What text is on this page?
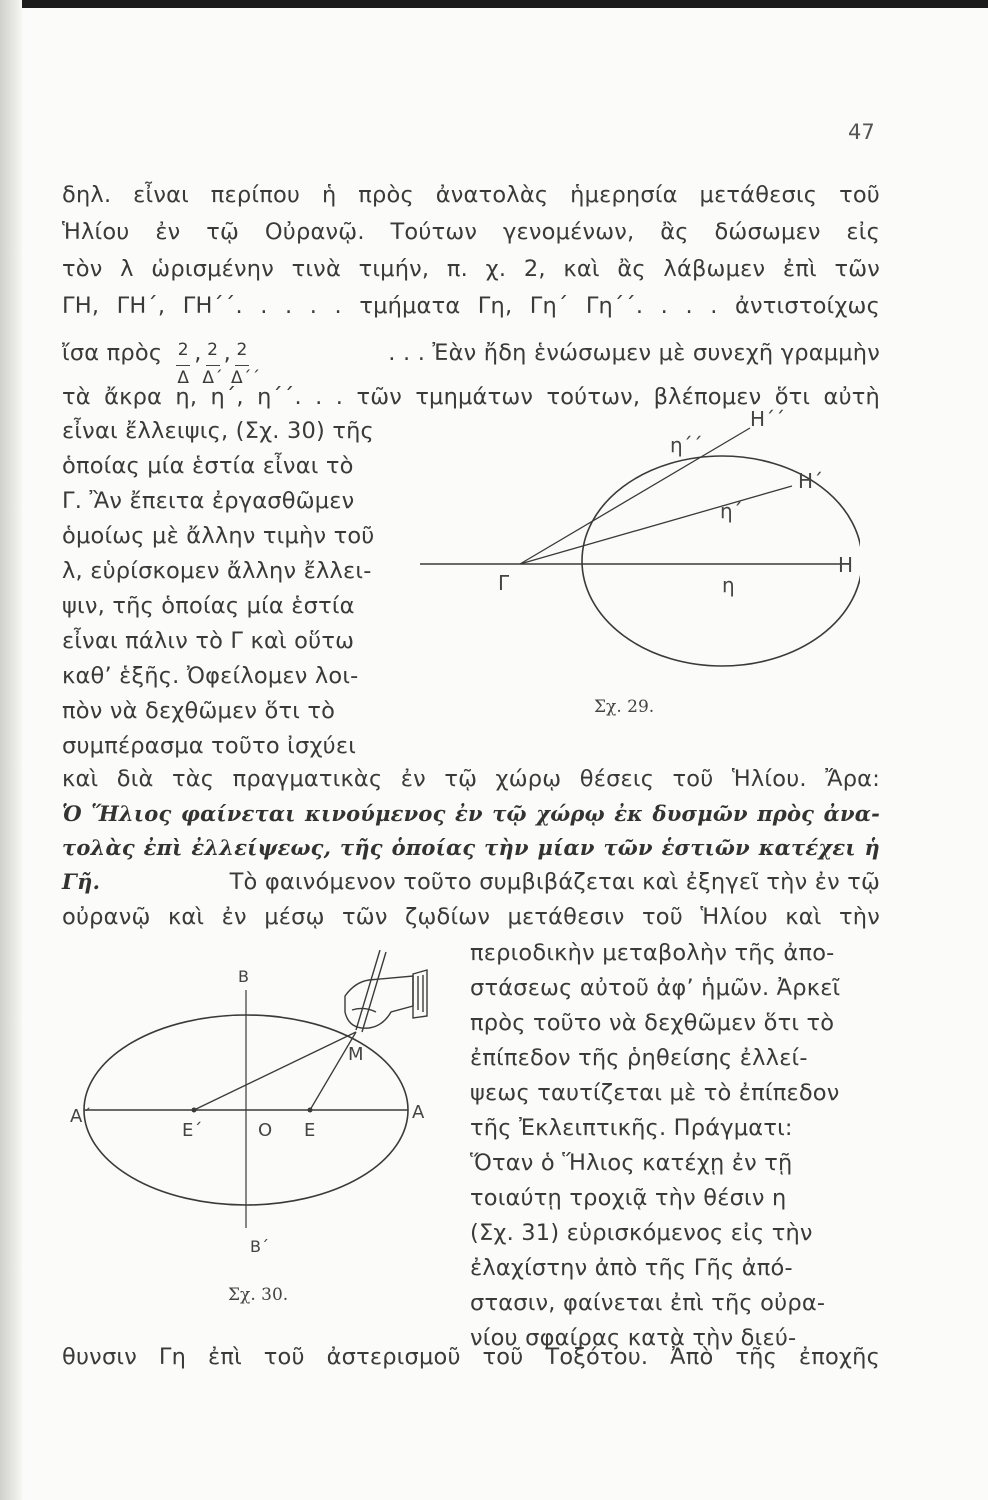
47
δηλ. εἶναι περίπου ἡ πρὸς ἀνατολὰς ἡμερησία μετάθεσις τοῦ
Ἡλίου ἐν τῷ Οὐρανῷ. Τούτων γενομένων, ἂς δώσωμεν εἰς
τὸν λ ὡρισμένην τινὰ τιμήν, π. χ. 2, καὶ ἂς λάβωμεν ἐπὶ τῶν
ΓΗ, ΓΗ΄, ΓΗ΄΄. . . . . τμήματα Γη, Γη΄ Γη΄΄. . . . ἀντιστοίχως
ἴσα πρὸς
$\frac{2}{\Delta}$
,
$\frac{2}{\Delta΄}$
,
$\frac{2}{\Delta΄΄}$
. . . Ἐὰν ἤδη ἑνώσωμεν μὲ συνεχῆ γραμμὴν
τὰ ἄκρα η, η΄, η΄΄. . . τῶν τμημάτων τούτων, βλέπομεν ὅτι αὐτὴ
εἶναι ἔλλειψις, (Σχ. 30) τῆς
ὁποίας μία ἑστία εἶναι τὸ
Γ. Ἂν ἔπειτα ἐργασθῶμεν
ὁμοίως μὲ ἄλλην τιμὴν τοῦ
λ, εὑρίσκομεν ἄλλην ἔλλει-
ψιν, τῆς ὁποίας μία ἑστία
εἶναι πάλιν τὸ Γ καὶ οὕτω
καθ’ ἑξῆς. Ὀφείλομεν λοι-
πὸν νὰ δεχθῶμεν ὅτι τὸ
συμπέρασμα τοῦτο ἰσχύει
Η΄΄
Η΄
Η
η΄΄
η΄
η
Γ
Σχ. 29.
καὶ διὰ τὰς πραγματικὰς ἐν τῷ χώρῳ θέσεις τοῦ Ἡλίου. Ἄρα:
Ὁ Ἥλιος φαίνεται κινούμενος ἐν τῷ χώρῳ ἐκ δυσμῶν πρὸς ἀνα-
τολὰς ἐπὶ ἐλλείψεως, τῆς ὁποίας τὴν μίαν τῶν ἑστιῶν κατέχει ἡ
Γῆ.	Τὸ φαινόμενον τοῦτο συμβιβάζεται καὶ ἐξηγεῖ τὴν ἐν τῷ
οὐρανῷ καὶ ἐν μέσῳ τῶν ζῳδίων μετάθεσιν τοῦ Ἡλίου καὶ τὴν
περιοδικὴν μεταβολὴν τῆς ἀπο-
στάσεως αὐτοῦ ἀφ’ ἡμῶν. Ἀρκεῖ
πρὸς τοῦτο νὰ δεχθῶμεν ὅτι τὸ
ἐπίπεδον τῆς ῥηθείσης ἐλλεί-
ψεως ταυτίζεται μὲ τὸ ἐπίπεδον
τῆς Ἐκλειπτικῆς. Πράγματι:
Ὅταν ὁ Ἥλιος κατέχῃ ἐν τῇ
τοιαύτῃ τροχιᾷ τὴν θέσιν η
(Σχ. 31) εὑρισκόμενος εἰς τὴν
ἐλαχίστην ἀπὸ τῆς Γῆς ἀπό-
στασιν, φαίνεται ἐπὶ τῆς οὐρα-
νίου σφαίρας κατὰ τὴν διεύ-
Β
Β΄
Α
Α΄
Μ
Ε΄	Ο Ε
Σχ. 30.
θυνσιν Γη ἐπὶ τοῦ ἀστερισμοῦ τοῦ Τοξότου. Ἀπὸ τῆς ἐποχῆς
